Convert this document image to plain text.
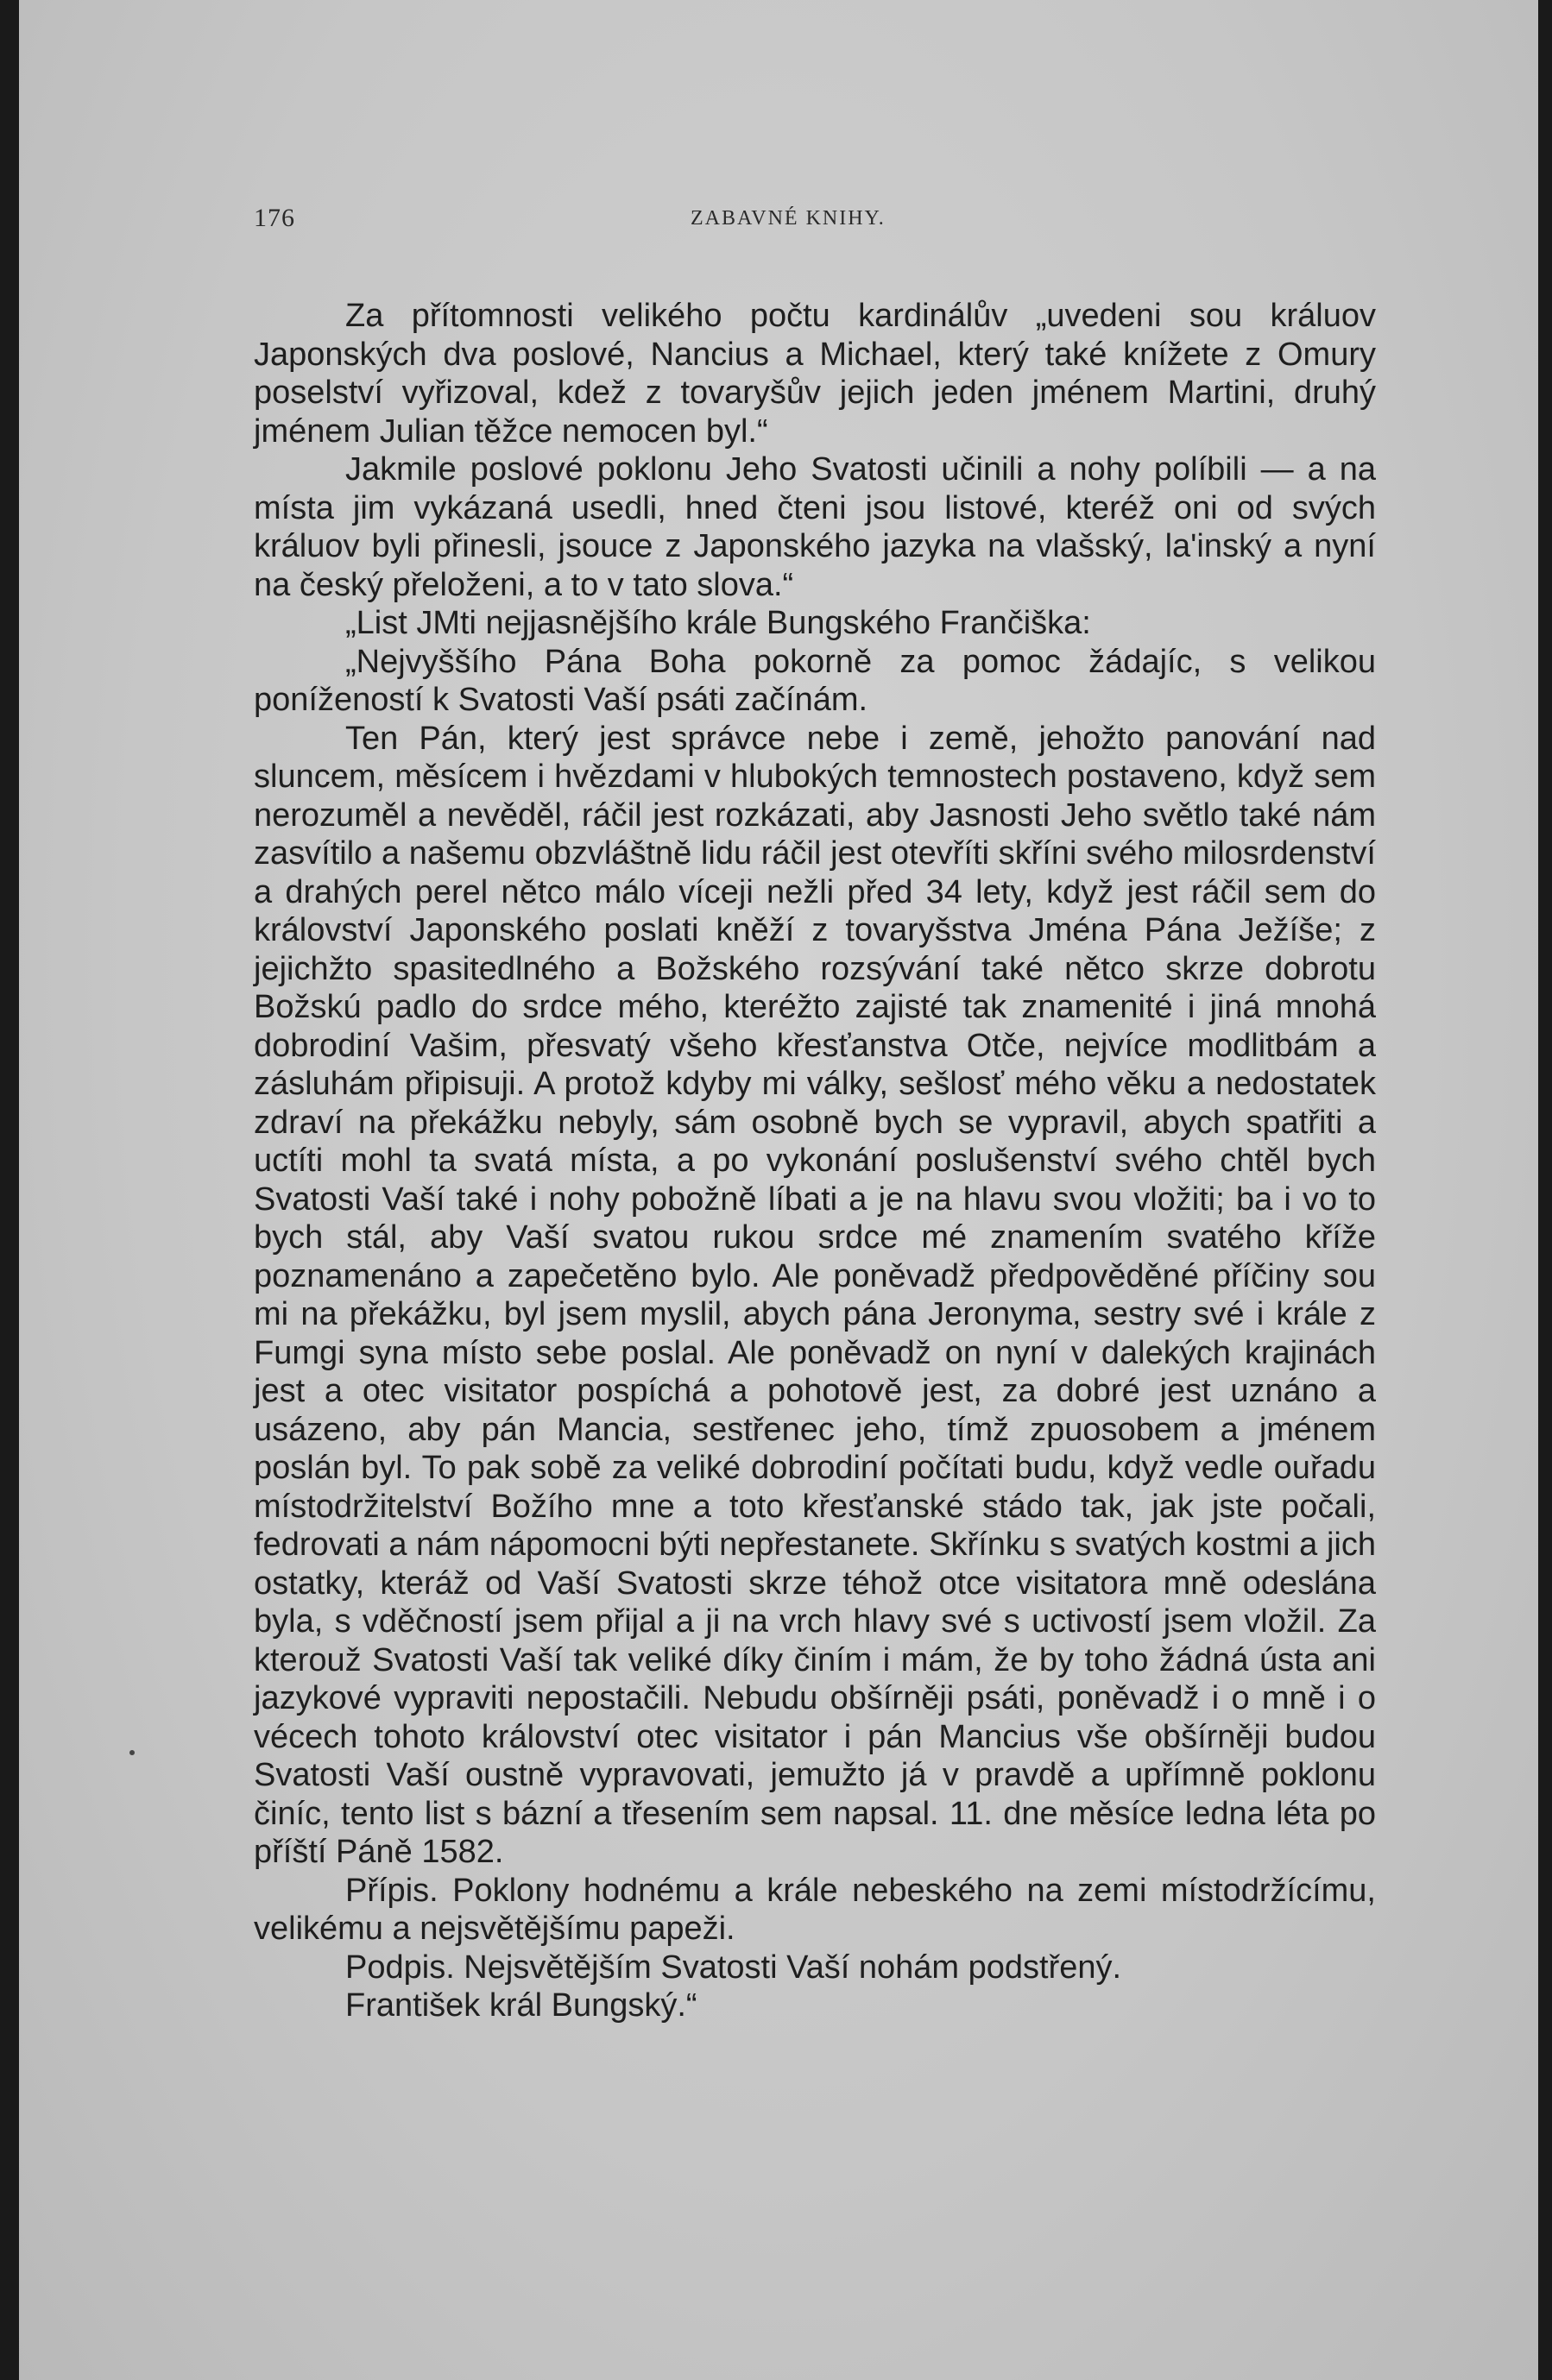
176	ZABAVNÉ KNIHY.

Za přítomnosti velikého počtu kardinálův „uvedeni sou králuov Japonských dva poslové, Nancius a Michael, který také knížete z Omury poselství vyřizoval, kdež z tovaryšův jejich jeden jménem Martini, druhý jménem Julian těžce nemocen byl.“

Jakmile poslové poklonu Jeho Svatosti učinili a nohy políbili — a na místa jim vykázaná usedli, hned čteni jsou listové, kteréž oni od svých králuov byli přinesli, jsouce z Japonského jazyka na vlašský, la'inský a nyní na český přeloženi, a to v tato slova.“

„List JMti nejjasnějšího krále Bungského Frančiška:

„Nejvyššího Pána Boha pokorně za pomoc žádajíc, s velikou ponížeností k Svatosti Vaší psáti začínám.

Ten Pán, který jest správce nebe i země, jehožto panování nad sluncem, měsícem i hvězdami v hlubokých temnostech postaveno, když sem nerozuměl a nevěděl, ráčil jest rozkázati, aby Jasnosti Jeho světlo také nám zasvítilo a našemu obzvláštně lidu ráčil jest otevříti skříni svého milosrdenství a drahých perel nětco málo víceji nežli před 34 lety, když jest ráčil sem do království Japonského poslati kněží z tovaryšstva Jména Pána Ježíše; z jejichžto spasitedlného a Božského rozsývání také nětco skrze dobrotu Božskú padlo do srdce mého, kteréžto zajisté tak znamenité i jiná mnohá dobrodiní Vašim, přesvatý všeho křesťanstva Otče, nejvíce modlitbám a zásluhám připisuji. A protož kdyby mi války, sešlosť mého věku a nedostatek zdraví na překážku nebyly, sám osobně bych se vypravil, abych spatřiti a uctíti mohl ta svatá místa, a po vykonání poslušenství svého chtěl bych Svatosti Vaší také i nohy pobožně líbati a je na hlavu svou vložiti; ba i vo to bych stál, aby Vaší svatou rukou srdce mé znamením svatého kříže poznamenáno a zapečetěno bylo. Ale poněvadž předpověděné příčiny sou mi na překážku, byl jsem myslil, abych pána Jeronyma, sestry své i krále z Fumgi syna místo sebe poslal. Ale poněvadž on nyní v dalekých krajinách jest a otec visitator pospíchá a pohotově jest, za dobré jest uznáno a usázeno, aby pán Mancia, sestřenec jeho, tímž zpuosobem a jménem poslán byl. To pak sobě za veliké dobrodiní počítati budu, když vedle ouřadu místodržitelství Božího mne a toto křesťanské stádo tak, jak jste počali, fedrovati a nám nápomocni býti nepřestanete. Skřínku s svatých kostmi a jich ostatky, kteráž od Vaší Svatosti skrze téhož otce visitatora mně odeslána byla, s vděčností jsem přijal a ji na vrch hlavy své s uctivostí jsem vložil. Za kterouž Svatosti Vaší tak veliké díky činím i mám, že by toho žádná ústa ani jazykové vypraviti nepostačili. Nebudu obšírněji psáti, poněvadž i o mně i o vécech tohoto království otec visitator i pán Mancius vše obšírněji budou Svatosti Vaší oustně vypravovati, jemužto já v pravdě a upřímně poklonu činíc, tento list s bázní a třesením sem napsal. 11. dne měsíce ledna léta po příští Páně 1582.

Přípis. Poklony hodnému a krále nebeského na zemi místodržícímu, velikému a nejsvětějšímu papeži.

Podpis. Nejsvětějším Svatosti Vaší nohám podstřený.

František král Bungský.“
